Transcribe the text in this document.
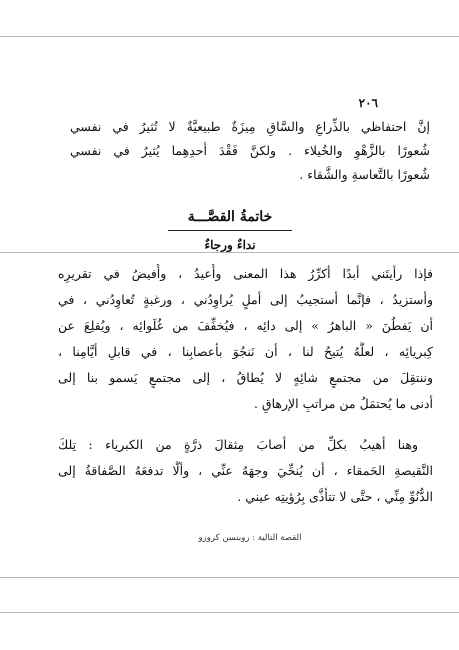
٢٠٦
إنَّ احتفاظي بالذِّراعِ والسَّاقِ مِيزَةٌ طبيعيَّةٌ لا تُثيرُ في نفسي
شُعورًا بالزَّهْوِ والخُيلاء . ولكنَّ فَقْدَ أحدِهِما يُثيرُ في نفسي
شُعورًا بالتَّعاسةِ والشَّقاء .
خاتمةُ القصَّـــة
نداءٌ ورجاءٌ
فإذا رأيتَني أبدًا أكرِّرُ هذا المعنى وأُعيدُ ، وأُفيضُ في تقريرِه
وأستزيدُ ، فإنَّما أستجيبُ إلى أملٍ يُراوِدُني ، ورغبةٍ تُعاوِدُني ، في
أن يَفطُنَ « الباهرُ » إلى دائِه ، فيُخفِّفَ من غُلَوائِه ، ويُقلِعَ عن
كِبريائِه ، لعلَّهُ يُتيحُ لنا ، أن نَنجُوَ بأعصابِنا ، في قابلِ أيَّامِنا ،
وننتقِلَ من مجتمعٍ شائِهٍ لا يُطاقُ ، إلى مجتمعٍ يَسمو بنا إلى
أدنى ما يُحتمَلُ من مراتبِ الإرهاقِ .
وهنا أهيبُ بكلِّ من أصابَ مِثقالَ ذرَّةٍ من الكبرياء : تِلكَ
النَّقيصةِ الحَمقاء ، أن يُنحِّيَ وجهَهُ عنِّي ، وألَّا تدفعَهُ الصَّفاقةُ إلى
الدُّنُوِّ مِنِّي ، حتَّى لا تتأذَّى بِرُؤيتِه عيني .
القصة التالية : روبنسن كروزو
